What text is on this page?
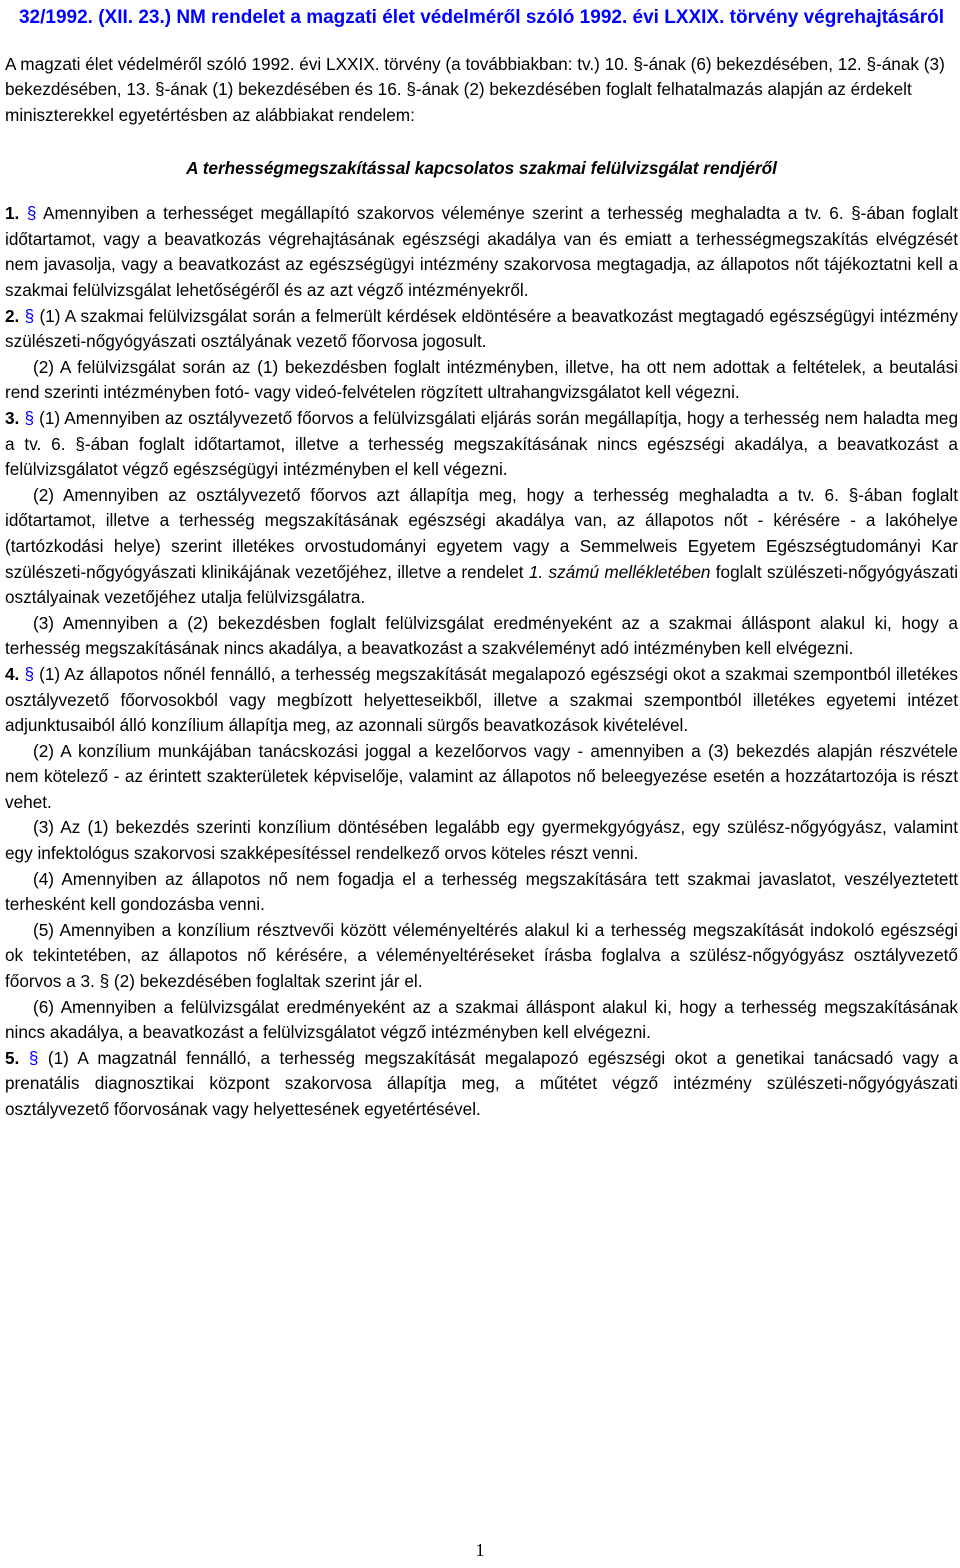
32/1992. (XII. 23.) NM rendelet a magzati élet védelméről szóló 1992. évi LXXIX. törvény végrehajtásáról

A magzati élet védelméről szóló 1992. évi LXXIX. törvény (a továbbiakban: tv.) 10. §-ának (6) bekezdésében, 12. §-ának (3) bekezdésében, 13. §-ának (1) bekezdésében és 16. §-ának (2) bekezdésében foglalt felhatalmazás alapján az érdekelt miniszterekkel egyetértésben az alábbiakat rendelem:

A terhességmegszakítással kapcsolatos szakmai felülvizsgálat rendjéről

1. § Amennyiben a terhességet megállapító szakorvos véleménye szerint a terhesség meghaladta a tv. 6. §-ában foglalt időtartamot, vagy a beavatkozás végrehajtásának egészségi akadálya van és emiatt a terhességmegszakítás elvégzését nem javasolja, vagy a beavatkozást az egészségügyi intézmény szakorvosa megtagadja, az állapotos nőt tájékoztatni kell a szakmai felülvizsgálat lehetőségéről és az azt végző intézményekről.

2. § (1) A szakmai felülvizsgálat során a felmerült kérdések eldöntésére a beavatkozást megtagadó egészségügyi intézmény szülészeti-nőgyógyászati osztályának vezető főorvosa jogosult.

(2) A felülvizsgálat során az (1) bekezdésben foglalt intézményben, illetve, ha ott nem adottak a feltételek, a beutalási rend szerinti intézményben fotó- vagy videó-felvételen rögzített ultrahangvizsgálatot kell végezni.

3. § (1) Amennyiben az osztályvezető főorvos a felülvizsgálati eljárás során megállapítja, hogy a terhesség nem haladta meg a tv. 6. §-ában foglalt időtartamot, illetve a terhesség megszakításának nincs egészségi akadálya, a beavatkozást a felülvizsgálatot végző egészségügyi intézményben el kell végezni.

(2) Amennyiben az osztályvezető főorvos azt állapítja meg, hogy a terhesség meghaladta a tv. 6. §-ában foglalt időtartamot, illetve a terhesség megszakításának egészségi akadálya van, az állapotos nőt - kérésére - a lakóhelye (tartózkodási helye) szerint illetékes orvostudományi egyetem vagy a Semmelweis Egyetem Egészségtudományi Kar szülészeti-nőgyógyászati klinikájának vezetőjéhez, illetve a rendelet 1. számú mellékletében foglalt szülészeti-nőgyógyászati osztályainak vezetőjéhez utalja felülvizsgálatra.

(3) Amennyiben a (2) bekezdésben foglalt felülvizsgálat eredményeként az a szakmai álláspont alakul ki, hogy a terhesség megszakításának nincs akadálya, a beavatkozást a szakvéleményt adó intézményben kell elvégezni.

4. § (1) Az állapotos nőnél fennálló, a terhesség megszakítását megalapozó egészségi okot a szakmai szempontból illetékes osztályvezető főorvosokból vagy megbízott helyetteseikből, illetve a szakmai szempontból illetékes egyetemi intézet adjunktusaiból álló konzílium állapítja meg, az azonnali sürgős beavatkozások kivételével.

(2) A konzílium munkájában tanácskozási joggal a kezelőorvos vagy - amennyiben a (3) bekezdés alapján részvétele nem kötelező - az érintett szakterületek képviselője, valamint az állapotos nő beleegyezése esetén a hozzátartozója is részt vehet.

(3) Az (1) bekezdés szerinti konzílium döntésében legalább egy gyermekgyógyász, egy szülész-nőgyógyász, valamint egy infektológus szakorvosi szakképesítéssel rendelkező orvos köteles részt venni.

(4) Amennyiben az állapotos nő nem fogadja el a terhesség megszakítására tett szakmai javaslatot, veszélyeztetett terhesként kell gondozásba venni.

(5) Amennyiben a konzílium résztvevői között véleményeltérés alakul ki a terhesség megszakítását indokoló egészségi ok tekintetében, az állapotos nő kérésére, a véleményeltéréseket írásba foglalva a szülész-nőgyógyász osztályvezető főorvos a 3. § (2) bekezdésében foglaltak szerint jár el.

(6) Amennyiben a felülvizsgálat eredményeként az a szakmai álláspont alakul ki, hogy a terhesség megszakításának nincs akadálya, a beavatkozást a felülvizsgálatot végző intézményben kell elvégezni.

5. § (1) A magzatnál fennálló, a terhesség megszakítását megalapozó egészségi okot a genetikai tanácsadó vagy a prenatális diagnosztikai központ szakorvosa állapítja meg, a műtétet végző intézmény szülészeti-nőgyógyászati osztályvezető főorvosának vagy helyettesének egyetértésével.

1
